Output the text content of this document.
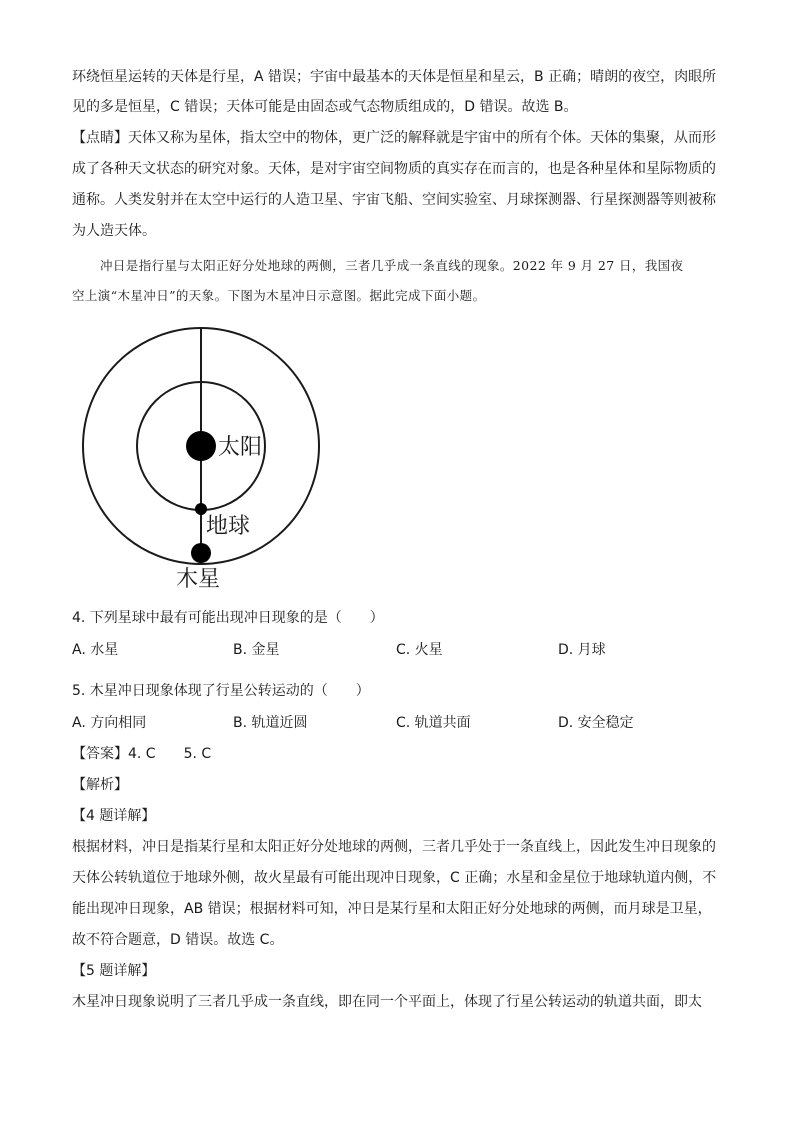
环绕恒星运转的天体是行星，A 错误；宇宙中最基本的天体是恒星和星云，B 正确；晴朗的夜空，肉眼所
见的多是恒星，C 错误；天体可能是由固态或气态物质组成的，D 错误。故选 B。
【点睛】天体又称为星体，指太空中的物体，更广泛的解释就是宇宙中的所有个体。天体的集聚，从而形
成了各种天文状态的研究对象。天体，是对宇宙空间物质的真实存在而言的，也是各种星体和星际物质的
通称。人类发射并在太空中运行的人造卫星、宇宙飞船、空间实验室、月球探测器、行星探测器等则被称
为人造天体。
冲日是指行星与太阳正好分处地球的两侧，三者几乎成一条直线的现象。2022 年 9 月 27 日，我国夜
空上演“木星冲日”的天象。下图为木星冲日示意图。据此完成下面小题。
太阳
地球
木星
4. 下列星球中最有可能出现冲日现象的是（　　）
A. 水星	B. 金星	C. 火星	D. 月球
5. 木星冲日现象体现了行星公转运动的（　　）
A. 方向相同	B. 轨道近圆	C. 轨道共面	D. 安全稳定
【答案】4. C　　5. C
【解析】
【4 题详解】
根据材料，冲日是指某行星和太阳正好分处地球的两侧，三者几乎处于一条直线上，因此发生冲日现象的
天体公转轨道位于地球外侧，故火星最有可能出现冲日现象，C 正确；水星和金星位于地球轨道内侧，不
能出现冲日现象，AB 错误；根据材料可知，冲日是某行星和太阳正好分处地球的两侧，而月球是卫星，
故不符合题意，D 错误。故选 C。
【5 题详解】
木星冲日现象说明了三者几乎成一条直线，即在同一个平面上，体现了行星公转运动的轨道共面，即太
